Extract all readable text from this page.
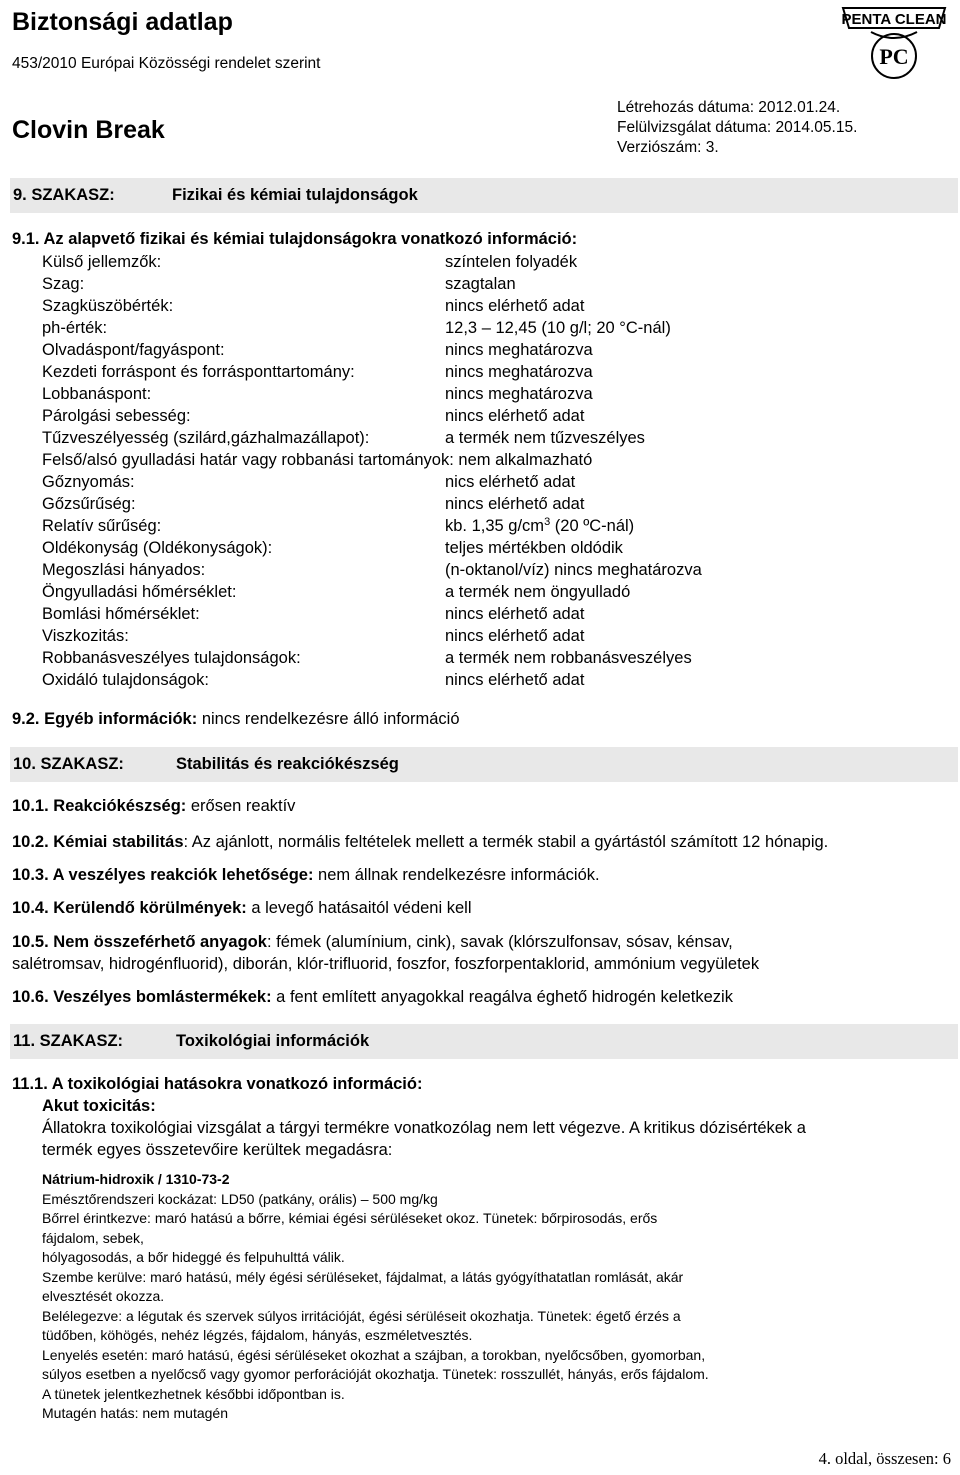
Biztonsági adatlap
453/2010 Európai Közösségi rendelet szerint
Clovin Break
Létrehozás dátuma: 2012.01.24.
Felülvizsgálat dátuma: 2014.05.15.
Verziószám: 3.
PENTA CLEAN
PC
9. SZAKASZ:	Fizikai és kémiai tulajdonságok
9.1. Az alapvető fizikai és kémiai tulajdonságokra vonatkozó információ:
Külső jellemzők:	színtelen folyadék
Szag:	szagtalan
Szagküszöbérték:	nincs elérhető adat
ph-érték:	12,3 – 12,45 (10 g/l; 20 °C-nál)
Olvadáspont/fagyáspont:	nincs meghatározva
Kezdeti forráspont és forrásponttartomány:	nincs meghatározva
Lobbanáspont:	nincs meghatározva
Párolgási sebesség:	nincs elérhető adat
Tűzveszélyesség (szilárd,gázhalmazállapot):	a termék nem tűzveszélyes
Felső/alsó gyulladási határ vagy robbanási tartományok: nem alkalmazható
Gőznyomás:	nics elérhető adat
Gőzsűrűség:	nincs elérhető adat
Relatív sűrűség:	kb. 1,35 $g/cm^3$ (20 ºC-nál)
Oldékonyság (Oldékonyságok):	teljes mértékben oldódik
Megoszlási hányados:	(n-oktanol/víz) nincs meghatározva
Öngyulladási hőmérséklet:	a termék nem öngyulladó
Bomlási hőmérséklet:	nincs elérhető adat
Viszkozitás:	nincs elérhető adat
Robbanásveszélyes tulajdonságok:	a termék nem robbanásveszélyes
Oxidáló tulajdonságok:	nincs elérhető adat
9.2. Egyéb információk: nincs rendelkezésre álló információ
10. SZAKASZ:	Stabilitás és reakciókészség
10.1. Reakciókészség: erősen reaktív
10.2. Kémiai stabilitás: Az ajánlott, normális feltételek mellett a termék stabil a gyártástól számított 12 hónapig.
10.3. A veszélyes reakciók lehetősége: nem állnak rendelkezésre információk.
10.4. Kerülendő körülmények: a levegő hatásaitól védeni kell
10.5. Nem összeférhető anyagok: fémek (alumínium, cink), savak (klórszulfonsav, sósav, kénsav,
salétromsav, hidrogénfluorid), diborán, klór-trifluorid, foszfor, foszforpentaklorid, ammónium vegyületek
10.6. Veszélyes bomlástermékek: a fent említett anyagokkal reagálva éghető hidrogén keletkezik
11. SZAKASZ:	Toxikológiai információk
11.1. A toxikológiai hatásokra vonatkozó információ:
Akut toxicitás:
Állatokra toxikológiai vizsgálat a tárgyi termékre vonatkozólag nem lett végezve. A kritikus dózisértékek a
termék egyes összetevőire kerültek megadásra:
Nátrium-hidroxik / 1310-73-2
Emésztőrendszeri kockázat: LD50 (patkány, orális) – 500 mg/kg
Bőrrel érintkezve: maró hatású a bőrre, kémiai égési sérüléseket okoz. Tünetek: bőrpirosodás, erős
fájdalom, sebek,
hólyagosodás, a bőr hideggé és felpuhulttá válik.
Szembe kerülve: maró hatású, mély égési sérüléseket, fájdalmat, a látás gyógyíthatatlan romlását, akár
elvesztését okozza.
Belélegezve: a légutak és szervek súlyos irritációját, égési sérüléseit okozhatja. Tünetek: égető érzés a
tüdőben, köhögés, nehéz légzés, fájdalom, hányás, eszméletvesztés.
Lenyelés esetén: maró hatású, égési sérüléseket okozhat a szájban, a torokban, nyelőcsőben, gyomorban,
súlyos esetben a nyelőcső vagy gyomor perforációját okozhatja. Tünetek: rosszullét, hányás, erős fájdalom.
A tünetek jelentkezhetnek későbbi időpontban is.
Mutagén hatás: nem mutagén
4. oldal, összesen: 6
